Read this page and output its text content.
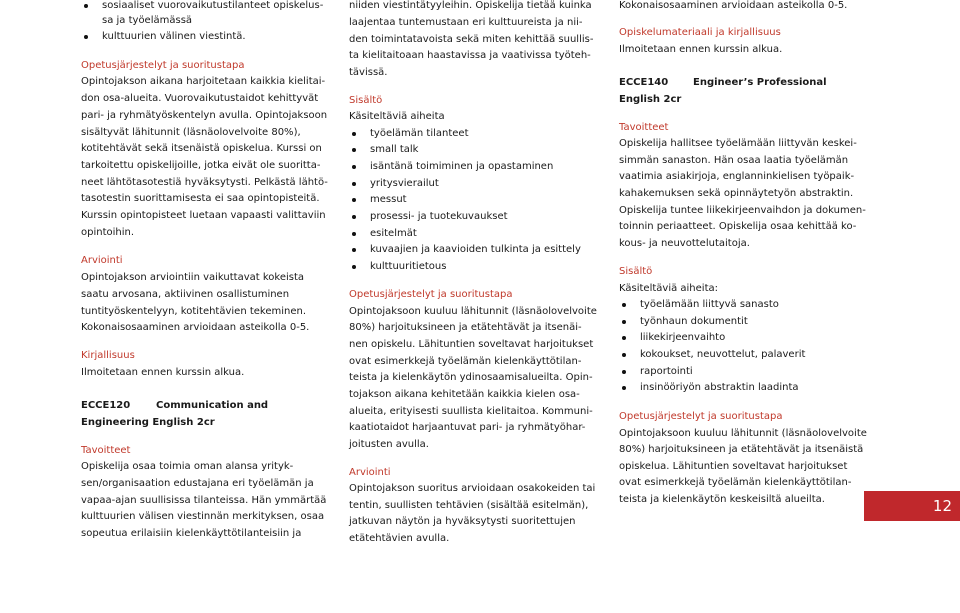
sosiaaliset vuorovaikutustilanteet opiskelus-
sa ja työelämässä
kulttuurien välinen viestintä.
Opetusjärjestelyt ja suoritustapa
Opintojakson aikana harjoitetaan kaikkia kielitai-
don osa-alueita. Vuorovaikutustaidot kehittyvät
pari- ja ryhmätyöskentelyn avulla. Opintojaksoon
sisältyvät lähitunnit (läsnäolovelvoite 80%),
kotitehtävät sekä itsenäistä opiskelua. Kurssi on
tarkoitettu opiskelijoille, jotka eivät ole suoritta-
neet lähtötasotestiä hyväksytysti. Pelkästä lähtö-
tasotestin suorittamisesta ei saa opintopisteitä.
Kurssin opintopisteet luetaan vapaasti valittaviin
opintoihin.
Arviointi
Opintojakson arviointiin vaikuttavat kokeista
saatu arvosana, aktiivinen osallistuminen
tuntityöskentelyyn, kotitehtävien tekeminen.
Kokonaisosaaminen arvioidaan asteikolla 0-5.
Kirjallisuus
Ilmoitetaan ennen kurssin alkua.
ECCE120	Communication and
Engineering English 2cr
Tavoitteet
Opiskelija osaa toimia oman alansa yrityk-
sen/organisaation edustajana eri työelämän ja
vapaa-ajan suullisissa tilanteissa. Hän ymmärtää
kulttuurien välisen viestinnän merkityksen, osaa
sopeutua erilaisiin kielenkäyttötilanteisiin ja
niiden viestintätyyleihin. Opiskelija tietää kuinka
laajentaa tuntemustaan eri kulttuureista ja nii-
den toimintatavoista sekä miten kehittää suullis-
ta kielitaitoaan haastavissa ja vaativissa työteh-
tävissä.
Sisältö
Käsiteltäviä aiheita
työelämän tilanteet
small talk
isäntänä toimiminen ja opastaminen
yritysvierailut
messut
prosessi- ja tuotekuvaukset
esitelmät
kuvaajien ja kaavioiden tulkinta ja esittely
kulttuuritietous
Opetusjärjestelyt ja suoritustapa
Opintojaksoon kuuluu lähitunnit (läsnäolovelvoite
80%) harjoituksineen ja etätehtävät ja itsenäi-
nen opiskelu. Lähituntien soveltavat harjoitukset
ovat esimerkkejä työelämän kielenkäyttötilan-
teista ja kielenkäytön ydinosaamisalueilta. Opin-
tojakson aikana kehitetään kaikkia kielen osa-
alueita, erityisesti suullista kielitaitoa. Kommuni-
kaatiotaidot harjaantuvat pari- ja ryhmätyöhar-
joitusten avulla.
Arviointi
Opintojakson suoritus arvioidaan osakokeiden tai
tentin, suullisten tehtävien (sisältää esitelmän),
jatkuvan näytön ja hyväksytysti suoritettujen
etätehtävien avulla.
Kokonaisosaaminen arvioidaan asteikolla 0-5.
Opiskelumateriaali ja kirjallisuus
Ilmoitetaan ennen kurssin alkua.
ECCE140 Engineer’s Professional
English 2cr
Tavoitteet
Opiskelija hallitsee työelämään liittyvän keskei-
simmän sanaston. Hän osaa laatia työelämän
vaatimia asiakirjoja, englanninkielisen työpaik-
kahakemuksen sekä opinnäytetyön abstraktin.
Opiskelija tuntee liikekirjeenvaihdon ja dokumen-
toinnin periaatteet. Opiskelija osaa kehittää ko-
kous- ja neuvottelutaitoja.
Sisältö
Käsiteltäviä aiheita:
työelämään liittyvä sanasto
työnhaun dokumentit
liikekirjeenvaihto
kokoukset, neuvottelut, palaverit
raportointi
insinööriyön abstraktin laadinta
Opetusjärjestelyt ja suoritustapa
Opintojaksoon kuuluu lähitunnit (läsnäolovelvoite
80%) harjoituksineen ja etätehtävät ja itsenäistä
opiskelua. Lähituntien soveltavat harjoitukset
ovat esimerkkejä työelämän kielenkäyttötilan-
teista ja kielenkäytön keskeisiltä alueilta.	12
